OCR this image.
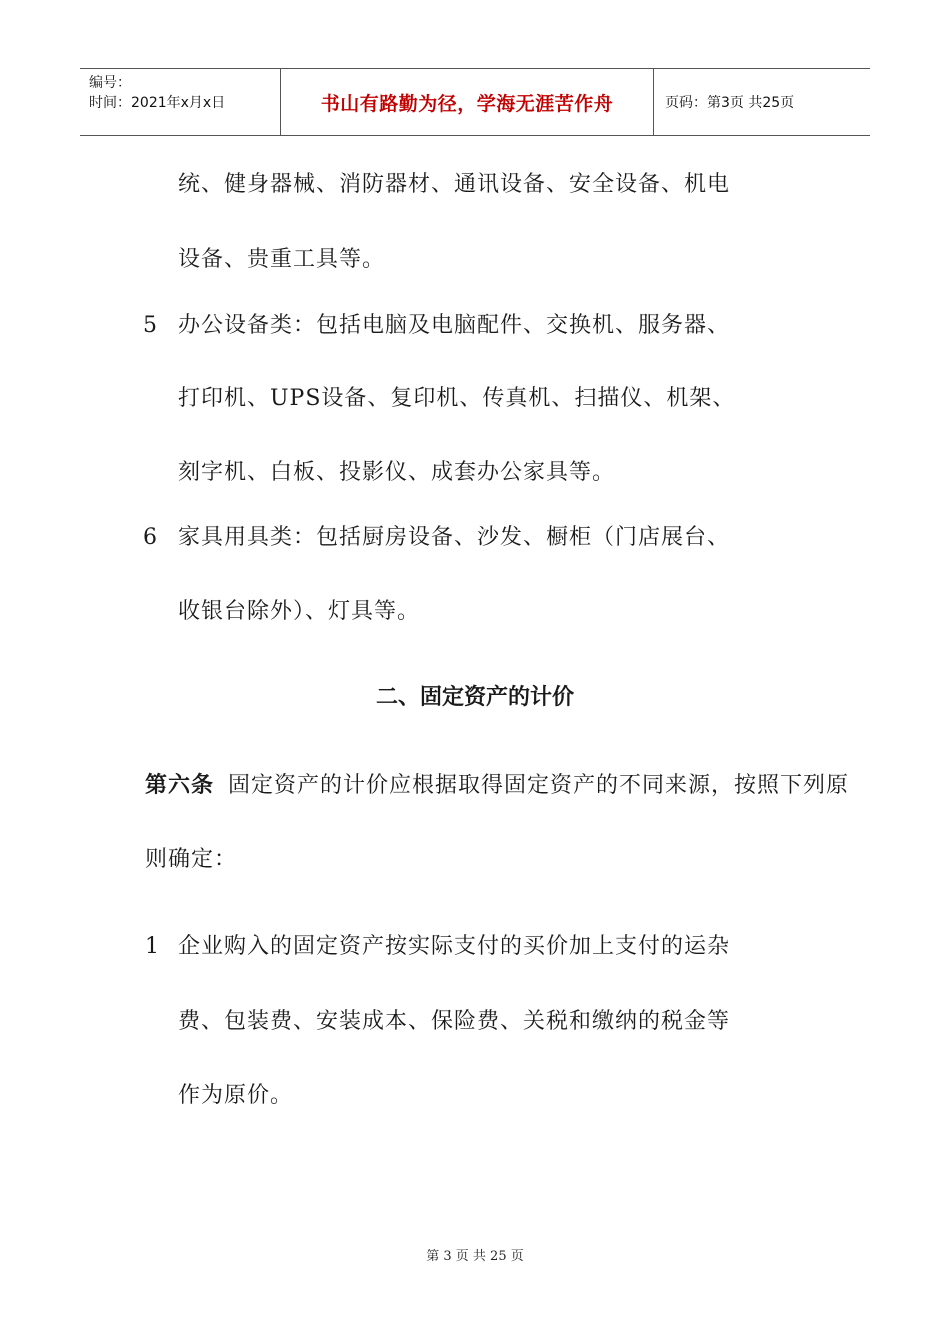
编号：
时间：2021年x月x日	书山有路勤为径，学海无涯苦作舟	页码：第3页 共25页
统、健身器械、消防器材、通讯设备、安全设备、机电
设备、贵重工具等。
5 办公设备类：包括电脑及电脑配件、交换机、服务器、
打印机、UPS设备、复印机、传真机、扫描仪、机架、
刻字机、白板、投影仪、成套办公家具等。
6 家具用具类：包括厨房设备、沙发、橱柜（门店展台、
收银台除外）、灯具等。
二、固定资产的计价
第六条 固定资产的计价应根据取得固定资产的不同来源，按照下列原
则确定：
1 企业购入的固定资产按实际支付的买价加上支付的运杂
费、包装费、安装成本、保险费、关税和缴纳的税金等
作为原价。
第 3 页 共 25 页
